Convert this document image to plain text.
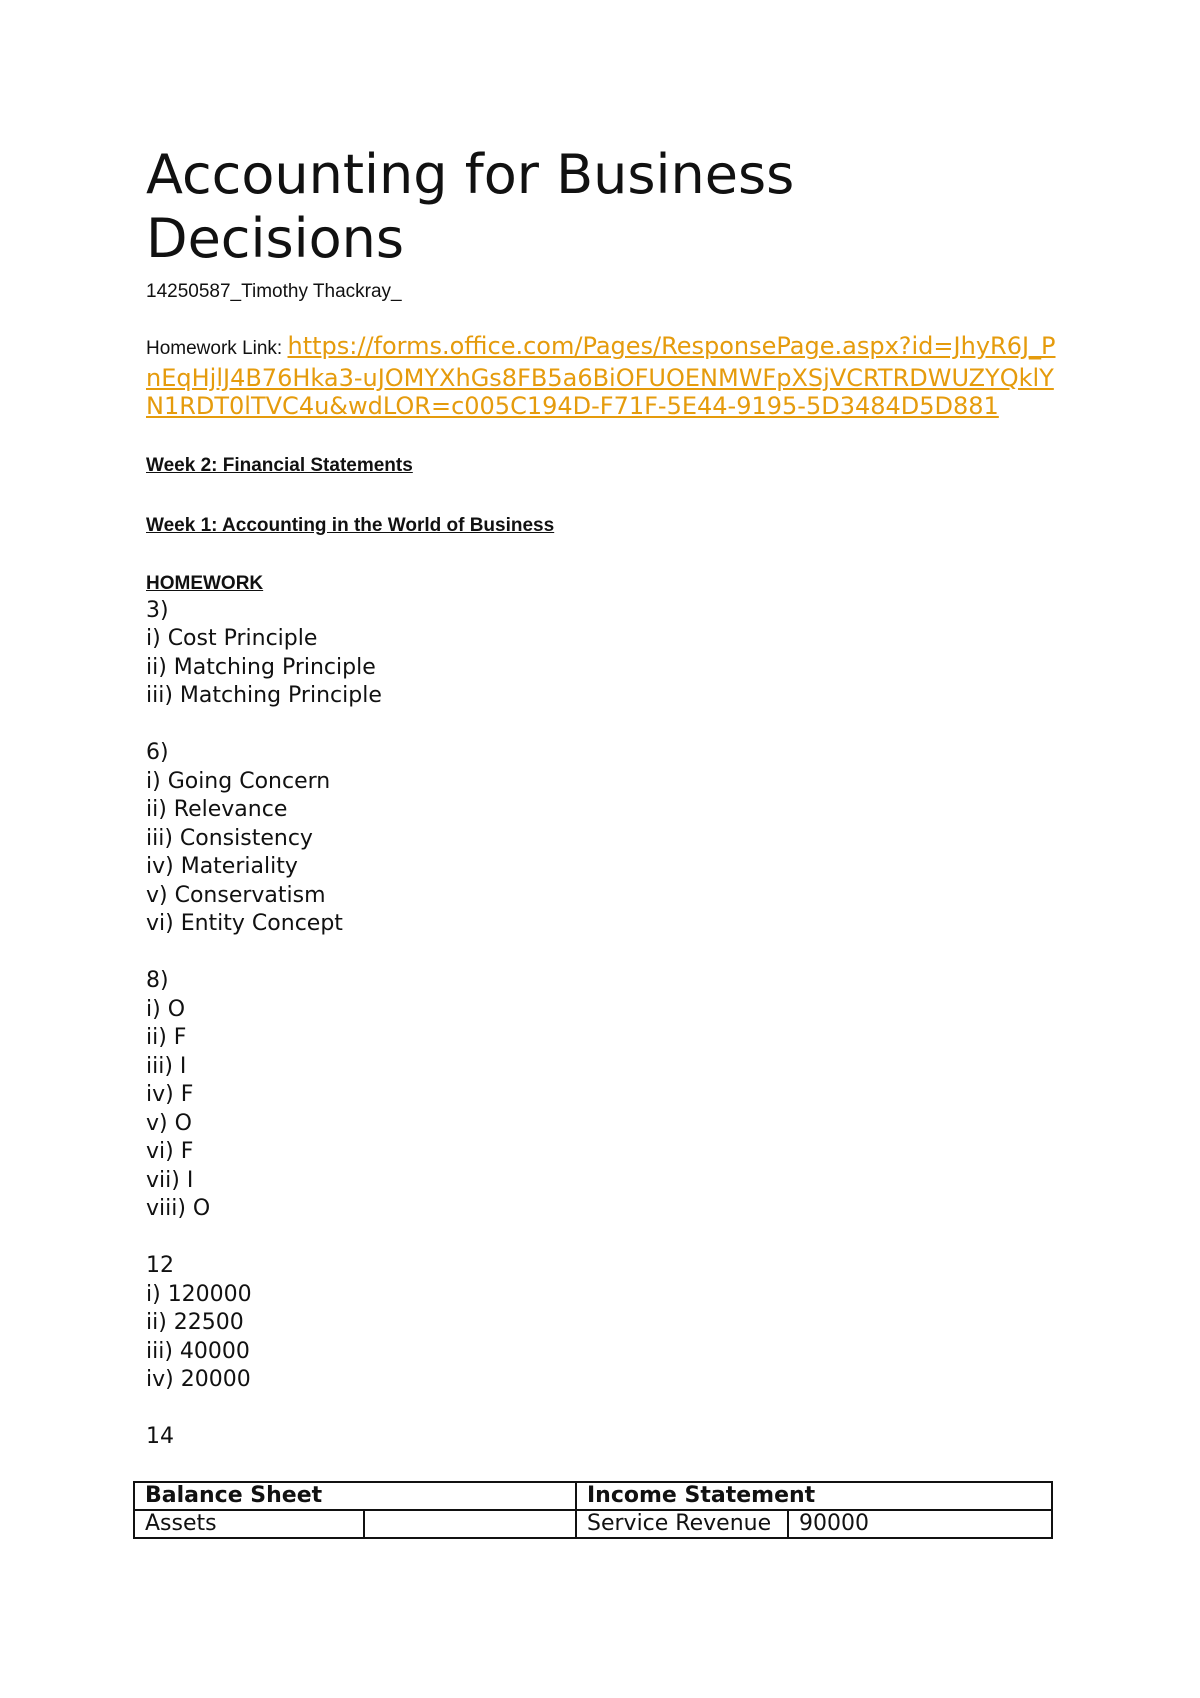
Accounting for Business Decisions
14250587_Timothy Thackray_
Homework Link: https://forms.office.com/Pages/ResponsePage.aspx?id=JhyR6J_PnEqHjlJ4B76Hka3-uJOMYXhGs8FB5a6BiOFUOENMWFpXSjVCRTRDWUZYQklYN1RDT0lTVC4u&wdLOR=c005C194D-F71F-5E44-9195-5D3484D5D881
Week 2: Financial Statements
Week 1: Accounting in the World of Business
HOMEWORK
3)
i) Cost Principle
ii) Matching Principle
iii) Matching Principle
6)
i) Going Concern
ii) Relevance
iii) Consistency
iv) Materiality
v) Conservatism
vi) Entity Concept
8)
i) O
ii) F
iii) I
iv) F
v) O
vi) F
vii) I
viii) O
12
i) 120000
ii) 22500
iii) 40000
iv) 20000
14
Balance Sheet		Income Statement	
Assets		Service Revenue	90000
